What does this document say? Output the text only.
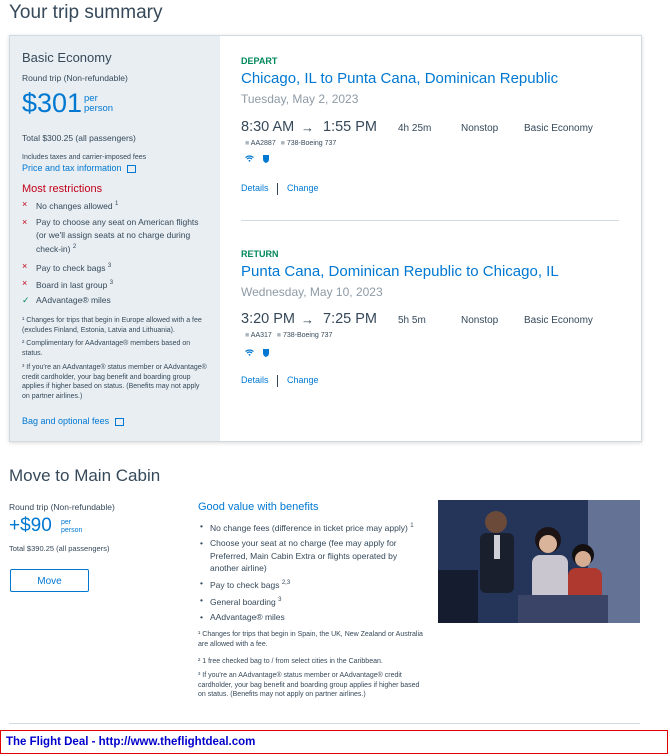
Your trip summary
Basic Economy
Round trip (Non-refundable)
$301 per
person
Total $300.25 (all passengers)
Includes taxes and carrier-imposed fees
Price and tax information
Most restrictions
× No changes allowed $^1$
× Pay to choose any seat on American flights (or we'll assign seats at no charge during check-in) $^2$
× Pay to check bags $^3$
× Board in last group $^3$
✓ AAdvantage® miles
¹ Changes for trips that begin in Europe allowed with a fee (excludes Finland, Estonia, Latvia and Lithuania).
² Complimentary for AAdvantage® members based on status.
³ If you're an AAdvantage® status member or AAdvantage® credit cardholder, your bag benefit and boarding group applies if higher based on status. (Benefits may not apply on partner airlines.)
Bag and optional fees
DEPART
Chicago, IL to Punta Cana, Dominican Republic
Tuesday, May 2, 2023
8:30 AM → 1:55 PM 4h 25m	Nonstop	Basic Economy
■ AA2887 ■ 738-Boeing 737
Details Change
RETURN
Punta Cana, Dominican Republic to Chicago, IL
Wednesday, May 10, 2023
3:20 PM → 7:25 PM 5h 5m	Nonstop	Basic Economy
■ AA317 ■ 738-Boeing 737
Details Change
Move to Main Cabin
Round trip (Non-refundable)
+$90 per
person
Total $390.25 (all passengers)
Move
Good value with benefits
• No change fees (difference in ticket price may apply) $^1$
• Choose your seat at no charge (fee may apply for Preferred, Main Cabin Extra or flights operated by another airline)
• Pay to check bags $^{2,3}$
• General boarding $^3$
• AAdvantage® miles
¹ Changes for trips that begin in Spain, the UK, New Zealand or Australia are allowed with a fee.
² 1 free checked bag to / from select cities in the Caribbean.
³ If you're an AAdvantage® status member or AAdvantage® credit cardholder, your bag benefit and boarding group applies if higher based on status. (Benefits may not apply on partner airlines.)
The Flight Deal - http://www.theflightdeal.com
